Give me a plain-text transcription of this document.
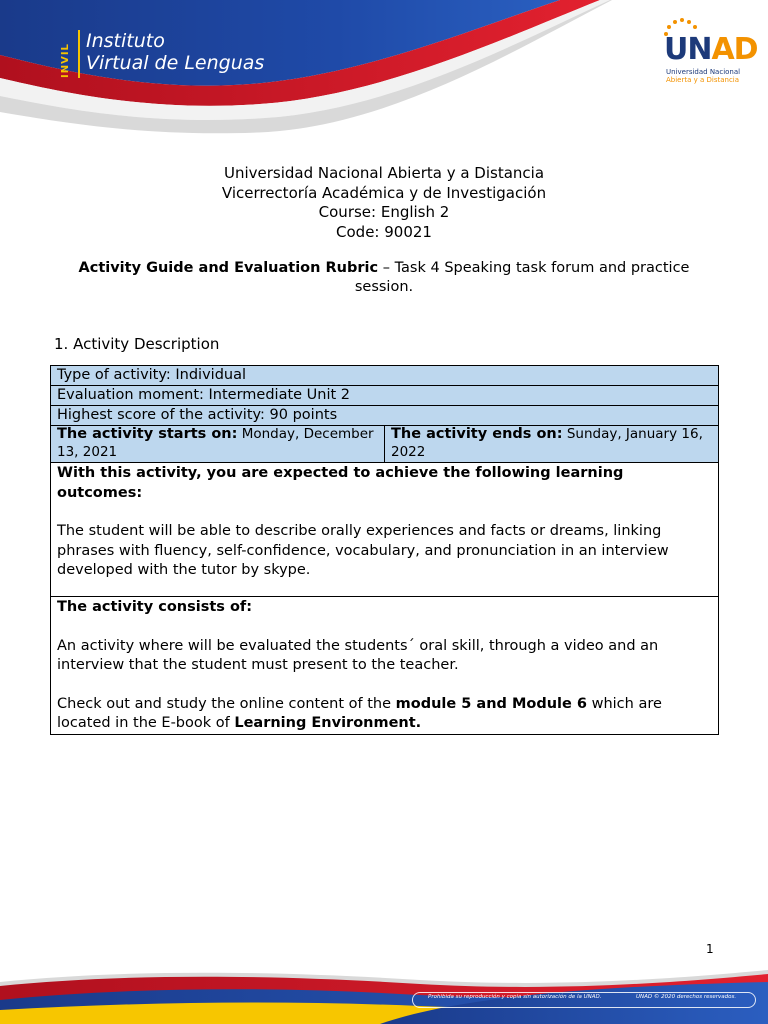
INVIL
Instituto
Virtual de Lenguas	UNAD
Universidad Nacional
Abierta y a Distancia
Universidad Nacional Abierta y a Distancia
Vicerrectoría Académica y de Investigación
Course: English 2
Code: 90021
Activity Guide and Evaluation Rubric – Task 4 Speaking task forum and practice session.
1. Activity Description
Type of activity: Individual
Evaluation moment: Intermediate Unit 2
Highest score of the activity: 90 points
The activity starts on: Monday, December 13, 2021	The activity ends on: Sunday, January 16, 2022

With this activity, you are expected to achieve the following learning outcomes:
The student will be able to describe orally experiences and facts or dreams, linking phrases with fluency, self-confidence, vocabulary, and pronunciation in an interview developed with the tutor by skype.

The activity consists of:
An activity where will be evaluated the students´ oral skill, through a video and an interview that the student must present to the teacher.
Check out and study the online content of the module 5 and Module 6 which are located in the E-book of Learning Environment.
1
Prohibida su reproducción y copia sin autorización de la UNAD.	UNAD © 2020 derechos reservados.
